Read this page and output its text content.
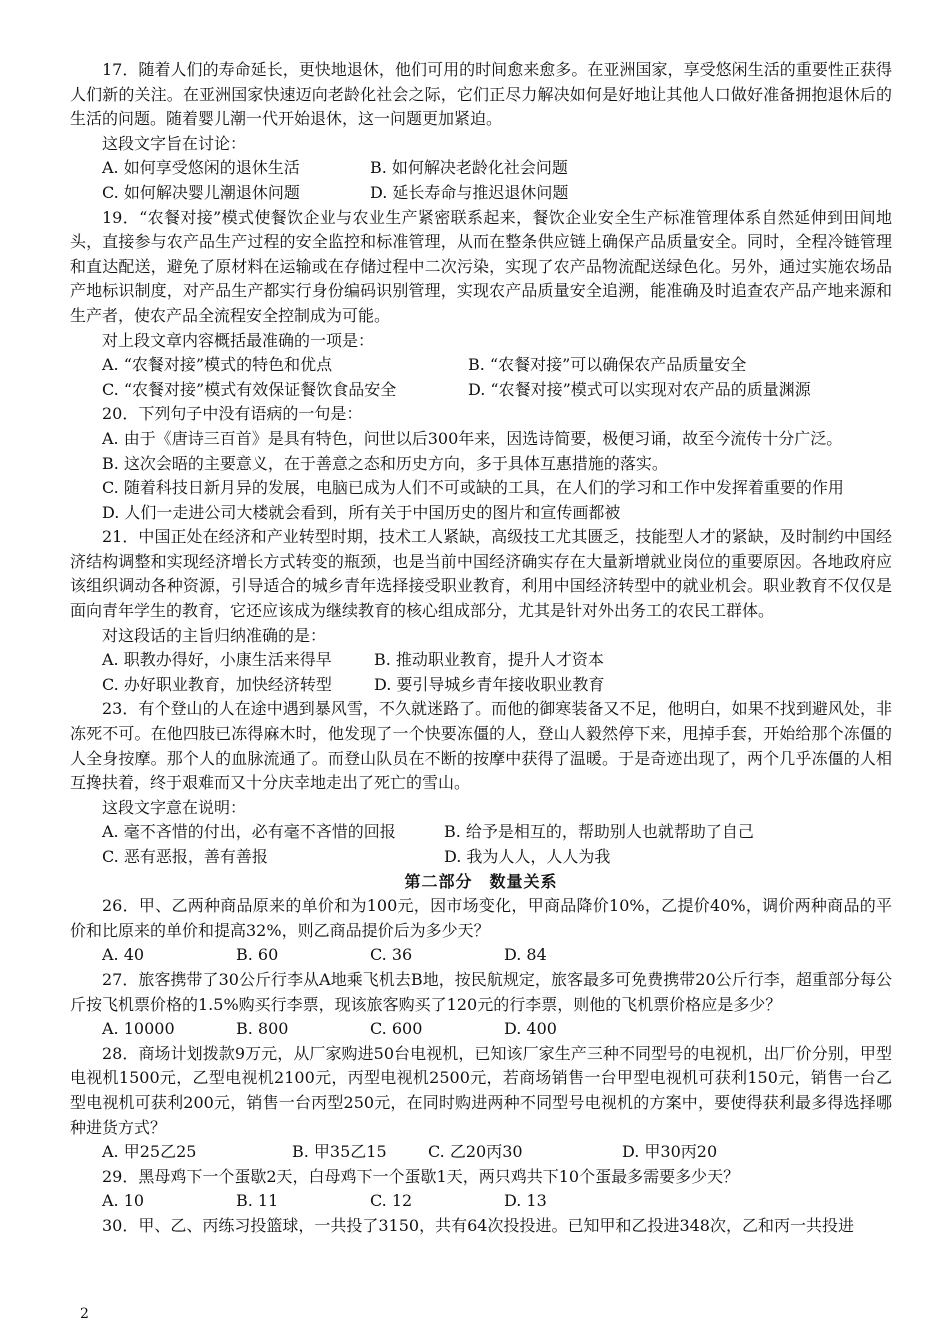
17．随着人们的寿命延长，更快地退休，他们可用的时间愈来愈多。在亚洲国家，享受悠闲生活的重要性正获得人们新的关注。在亚洲国家快速迈向老龄化社会之际，它们正尽力解决如何是好地让其他人口做好准备拥抱退休后的生活的问题。随着婴儿潮一代开始退休，这一问题更加紧迫。

这段文字旨在讨论：

A. 如何享受悠闲的退休生活	B. 如何解决老龄化社会问题
C. 如何解决婴儿潮退休问题	D. 延长寿命与推迟退休问题

19．“农餐对接”模式使餐饮企业与农业生产紧密联系起来，餐饮企业安全生产标准管理体系自然延伸到田间地头，直接参与农产品生产过程的安全监控和标准管理，从而在整条供应链上确保产品质量安全。同时，全程冷链管理和直达配送，避免了原材料在运输或在存储过程中二次污染，实现了农产品物流配送绿色化。另外，通过实施农场品产地标识制度，对产品生产都实行身份编码识别管理，实现农产品质量安全追溯，能准确及时追查农产品产地来源和生产者，使农产品全流程安全控制成为可能。

对上段文章内容概括最准确的一项是：

A. “农餐对接”模式的特色和优点	B. “农餐对接”可以确保农产品质量安全
C. “农餐对接”模式有效保证餐饮食品安全	D. “农餐对接”模式可以实现对农产品的质量渊源

20．下列句子中没有语病的一句是：

A. 由于《唐诗三百首》是具有特色，问世以后300年来，因选诗简要，极便习诵，故至今流传十分广泛。

B. 这次会晤的主要意义，在于善意之态和历史方向，多于具体互惠措施的落实。

C. 随着科技日新月异的发展，电脑已成为人们不可或缺的工具，在人们的学习和工作中发挥着重要的作用

D. 人们一走进公司大楼就会看到，所有关于中国历史的图片和宣传画都被

21．中国正处在经济和产业转型时期，技术工人紧缺，高级技工尤其匮乏，技能型人才的紧缺，及时制约中国经济结构调整和实现经济增长方式转变的瓶颈，也是当前中国经济确实存在大量新增就业岗位的重要原因。各地政府应该组织调动各种资源，引导适合的城乡青年选择接受职业教育，利用中国经济转型中的就业机会。职业教育不仅仅是面向青年学生的教育，它还应该成为继续教育的核心组成部分，尤其是针对外出务工的农民工群体。

对这段话的主旨归纳准确的是：

A. 职教办得好，小康生活来得早	B. 推动职业教育，提升人才资本
C. 办好职业教育，加快经济转型	D. 要引导城乡青年接收职业教育

23．有个登山的人在途中遇到暴风雪，不久就迷路了。而他的御寒装备又不足，他明白，如果不找到避风处，非冻死不可。在他四肢已冻得麻木时，他发现了一个快要冻僵的人，登山人毅然停下来，甩掉手套，开始给那个冻僵的人全身按摩。那个人的血脉流通了。而登山队员在不断的按摩中获得了温暖。于是奇迹出现了，两个几乎冻僵的人相互搀扶着，终于艰难而又十分庆幸地走出了死亡的雪山。

这段文字意在说明：

A. 毫不吝惜的付出，必有毫不吝惜的回报	B. 给予是相互的，帮助别人也就帮助了自己
C. 恶有恶报，善有善报	D. 我为人人，人人为我

第二部分　数量关系

26．甲、乙两种商品原来的单价和为100元，因市场变化，甲商品降价10%，乙提价40%，调价两种商品的平价和比原来的单价和提高32%，则乙商品提价后为多少天？

A. 40	B. 60	C. 36	D. 84

27．旅客携带了30公斤行李从A地乘飞机去B地，按民航规定，旅客最多可免费携带20公斤行李，超重部分每公斤按飞机票价格的1.5%购买行李票，现该旅客购买了120元的行李票，则他的飞机票价格应是多少？

A. 10000	B. 800	C. 600	D. 400

28．商场计划拨款9万元，从厂家购进50台电视机，已知该厂家生产三种不同型号的电视机，出厂价分别，甲型电视机1500元，乙型电视机2100元，丙型电视机2500元，若商场销售一台甲型电视机可获利150元，销售一台乙型电视机可获利200元，销售一台丙型250元，在同时购进两种不同型号电视机的方案中，要使得获利最多得选择哪种进货方式？

A. 甲25乙25	B. 甲35乙15	C. 乙20丙30	D. 甲30丙20

29．黑母鸡下一个蛋歇2天，白母鸡下一个蛋歇1天，两只鸡共下10个蛋最多需要多少天？

A. 10	B. 11	C. 12	D. 13

30．甲、乙、丙练习投篮球，一共投了3150，共有64次投投进。已知甲和乙投进348次，乙和丙一共投进

2
